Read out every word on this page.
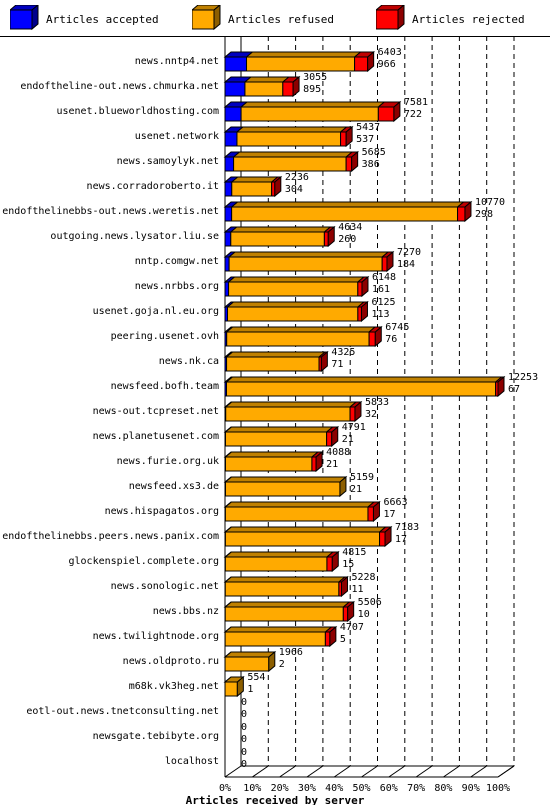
Articles accepted	Articles refused	Articles rejected
0% 10% 20% 30% 40% 50% 60% 70% 80% 90% 100%
Articles received by server
news.nntp4.net
6403
966
endoftheline-out.news.chmurka.net
3055
895
usenet.blueworldhosting.com
7581
722
usenet.network
5437
537
news.samoylyk.net
5685
386
news.corradoroberto.it
2236
304
endofthelinebbs-out.news.weretis.net
10770
298
outgoing.news.lysator.liu.se
4634
260
nntp.comgw.net
7270
184
news.nrbbs.org
6148
161
usenet.goja.nl.eu.org
6125
113
peering.usenet.ovh
6745
76
news.nk.ca
4325
71
newsfeed.bofh.team
12253
67
news-out.tcpreset.net
5833
32
news.planetusenet.com
4791
21
news.furie.org.uk
4088
21
newsfeed.xs3.de
5159
21
news.hispagatos.org
6663
17
endofthelinebbs.peers.news.panix.com
7183
17
glockenspiel.complete.org
4815
15
news.sonologic.net
5228
11
news.bbs.nz
5506
10
news.twilightnode.org
4707
5
news.oldproto.ru
1966
2
m68k.vk3heg.net
554
1
eotl-out.news.tnetconsulting.net
0
0
newsgate.tebibyte.org
0
0
localhost
0
0
